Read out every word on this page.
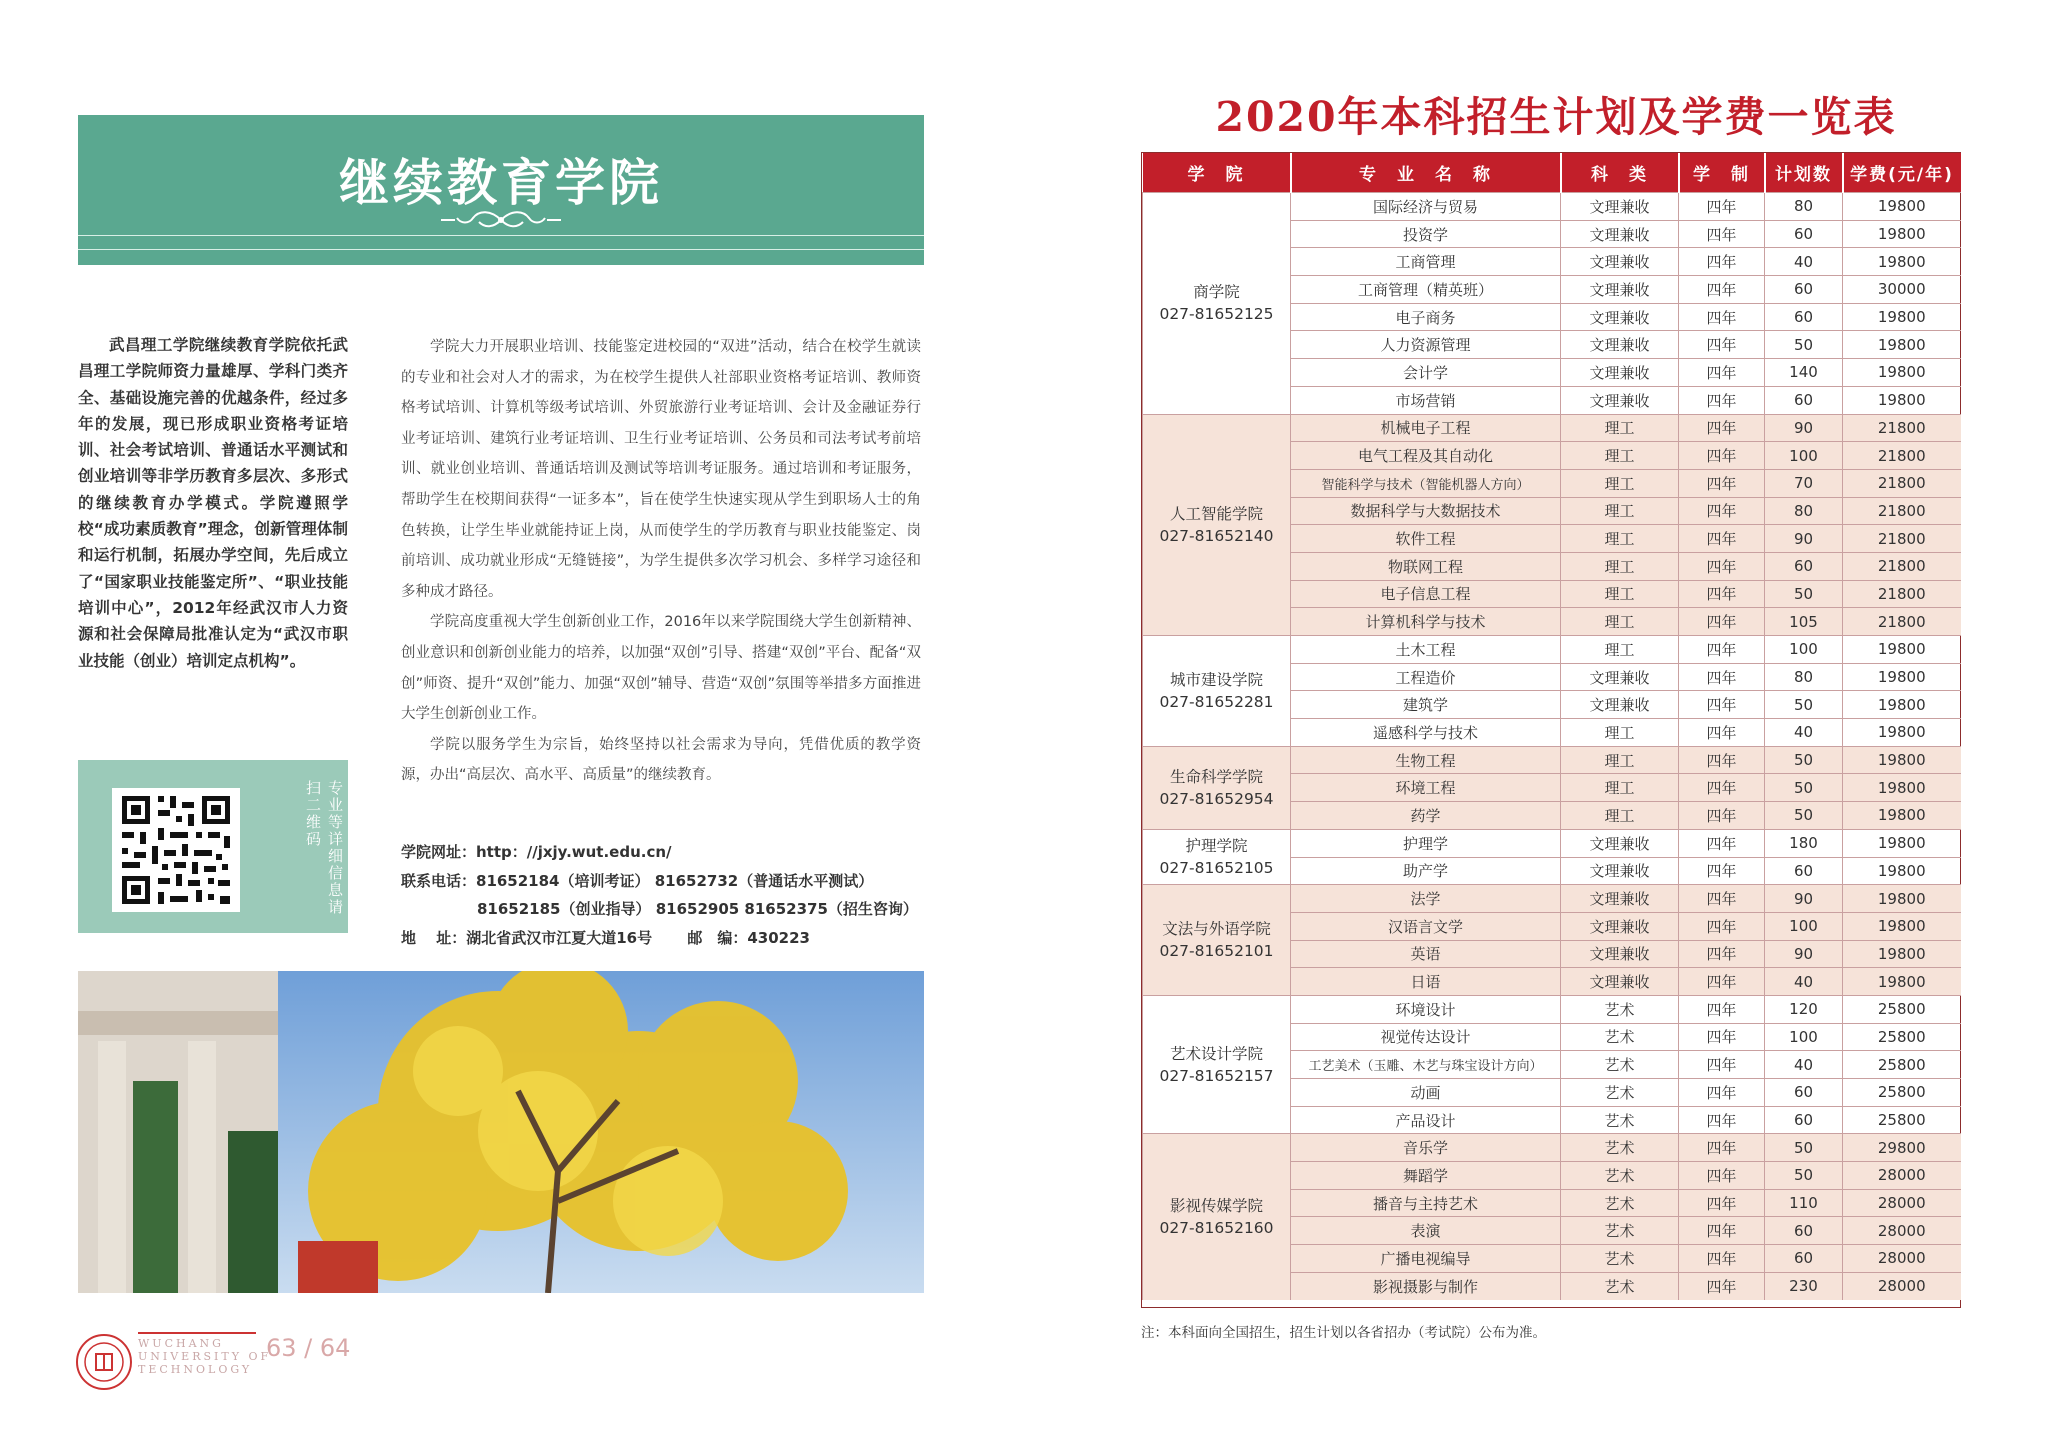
继续教育学院

武昌理工学院继续教育学院依托武昌理工学院师资力量雄厚、学科门类齐全、基础设施完善的优越条件，经过多年的发展，现已形成职业资格考证培训、社会考试培训、普通话水平测试和创业培训等非学历教育多层次、多形式的继续教育办学模式。学院遵照学校“成功素质教育”理念，创新管理体制和运行机制，拓展办学空间，先后成立了“国家职业技能鉴定所”、“职业技能培训中心”，2012年经武汉市人力资源和社会保障局批准认定为“武汉市职业技能（创业）培训定点机构”。

学院大力开展职业培训、技能鉴定进校园的“双进”活动，结合在校学生就读的专业和社会对人才的需求，为在校学生提供人社部职业资格考证培训、教师资格考试培训、计算机等级考试培训、外贸旅游行业考证培训、会计及金融证券行业考证培训、建筑行业考证培训、卫生行业考证培训、公务员和司法考试考前培训、就业创业培训、普通话培训及测试等培训考证服务。通过培训和考证服务，帮助学生在校期间获得“一证多本”，旨在使学生快速实现从学生到职场人士的角色转换，让学生毕业就能持证上岗，从而使学生的学历教育与职业技能鉴定、岗前培训、成功就业形成“无缝链接”，为学生提供多次学习机会、多样学习途径和多种成才路径。

学院高度重视大学生创新创业工作，2016年以来学院围绕大学生创新精神、创业意识和创新创业能力的培养，以加强“双创”引导、搭建“双创”平台、配备“双创”师资、提升“双创”能力、加强“双创”辅导、营造“双创”氛围等举措多方面推进大学生创新创业工作。

学院以服务学生为宗旨，始终坚持以社会需求为导向，凭借优质的教学资源，办出“高层次、高水平、高质量”的继续教育。

专业等详细信息请扫二维码
学院网址：http：//jxjy.wut.edu.cn/
联系电话：81652184（培训考证） 81652732（普通话水平测试）
81652185（创业指导） 81652905 81652375（招生咨询）
地　 址：湖北省武汉市江夏大道16号　　 邮　编：430223
WUCHANG
UNIVERSITY OF
TECHNOLOGY
63 / 64
2020年本科招生计划及学费一览表
学　院	专　业　名　称	科　类	学　制	计划数	学费(元/年)

商学院
027-81652125	国际经济与贸易	文理兼收	四年	80	19800
	投资学	文理兼收	四年	60	19800
	工商管理	文理兼收	四年	40	19800
	工商管理（精英班）	文理兼收	四年	60	30000
	电子商务	文理兼收	四年	60	19800
	人力资源管理	文理兼收	四年	50	19800
	会计学	文理兼收	四年	140	19800
	市场营销	文理兼收	四年	60	19800

人工智能学院
027-81652140	机械电子工程	理工	四年	90	21800
	电气工程及其自动化	理工	四年	100	21800
	智能科学与技术（智能机器人方向）	理工	四年	70	21800
	数据科学与大数据技术	理工	四年	80	21800
	软件工程	理工	四年	90	21800
	物联网工程	理工	四年	60	21800
	电子信息工程	理工	四年	50	21800
	计算机科学与技术	理工	四年	105	21800

城市建设学院
027-81652281	土木工程	理工	四年	100	19800
	工程造价	文理兼收	四年	80	19800
	建筑学	文理兼收	四年	50	19800
	遥感科学与技术	理工	四年	40	19800

生命科学学院
027-81652954	生物工程	理工	四年	50	19800
	环境工程	理工	四年	50	19800
	药学	理工	四年	50	19800

护理学院
027-81652105	护理学	文理兼收	四年	180	19800
	助产学	文理兼收	四年	60	19800

文法与外语学院
027-81652101	法学	文理兼收	四年	90	19800
	汉语言文学	文理兼收	四年	100	19800
	英语	文理兼收	四年	90	19800
	日语	文理兼收	四年	40	19800

艺术设计学院
027-81652157	环境设计	艺术	四年	120	25800
	视觉传达设计	艺术	四年	100	25800
	工艺美术（玉雕、木艺与珠宝设计方向）	艺术	四年	40	25800
	动画	艺术	四年	60	25800
	产品设计	艺术	四年	60	25800

影视传媒学院
027-81652160	音乐学	艺术	四年	50	29800
	舞蹈学	艺术	四年	50	28000
	播音与主持艺术	艺术	四年	110	28000
	表演	艺术	四年	60	28000
	广播电视编导	艺术	四年	60	28000
	影视摄影与制作	艺术	四年	230	28000
注：本科面向全国招生，招生计划以各省招办（考试院）公布为准。
